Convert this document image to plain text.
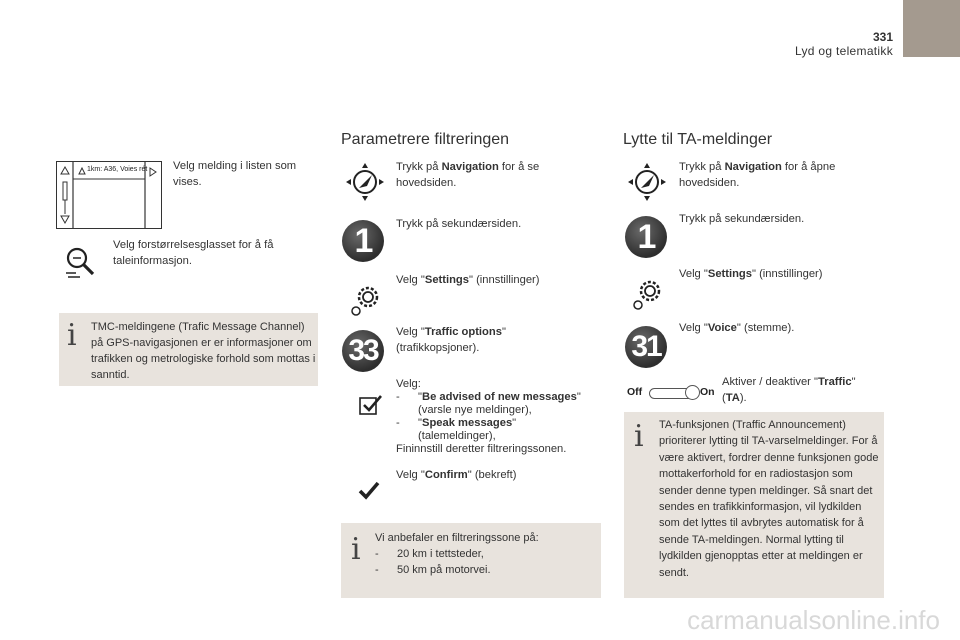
331
Lyd og telematikk
1km: A36, Voies rét Velg melding i listen som vises.
Velg forstørrelsesglasset for å få taleinformasjon.
i TMC-meldingene (Trafic Message Channel) på GPS-navigasjonen er er informasjoner om trafikken og metrologiske forhold som mottas i sanntid.
Parametrere filtreringen
Trykk på Navigation for å se hovedsiden.
Trykk på sekundærsiden.
1
Velg "Settings" (innstillinger)
33
Velg "Traffic options" (trafikkopsjoner).
Velg:
- "Be advised of new messages"
(varsle nye meldinger),
- "Speak messages"
(talemeldinger),
Fininnstill deretter filtreringssonen.
Velg "Confirm" (bekreft)
i Vi anbefaler en filtreringssone på:
- 20 km i tettsteder,
- 50 km på motorvei.
Lytte til TA-meldinger
Trykk på Navigation for å åpne hovedsiden.
Trykk på sekundærsiden.
1
Velg "Settings" (innstillinger)
31
Velg "Voice" (stemme).
Off	On
Aktiver / deaktiver "Traffic" (TA).
i TA-funksjonen (Traffic Announcement) prioriterer lytting til TA-varselmeldinger. For å være aktivert, fordrer denne funksjonen gode mottakerforhold for en radiostasjon som sender denne typen meldinger. Så snart det sendes en trafikkinformasjon, vil lydkilden som det lyttes til avbrytes automatisk for å sende TA-meldingen. Normal lytting til lydkilden gjenopptas etter at meldingen er sendt.
carmanualsonline.info
